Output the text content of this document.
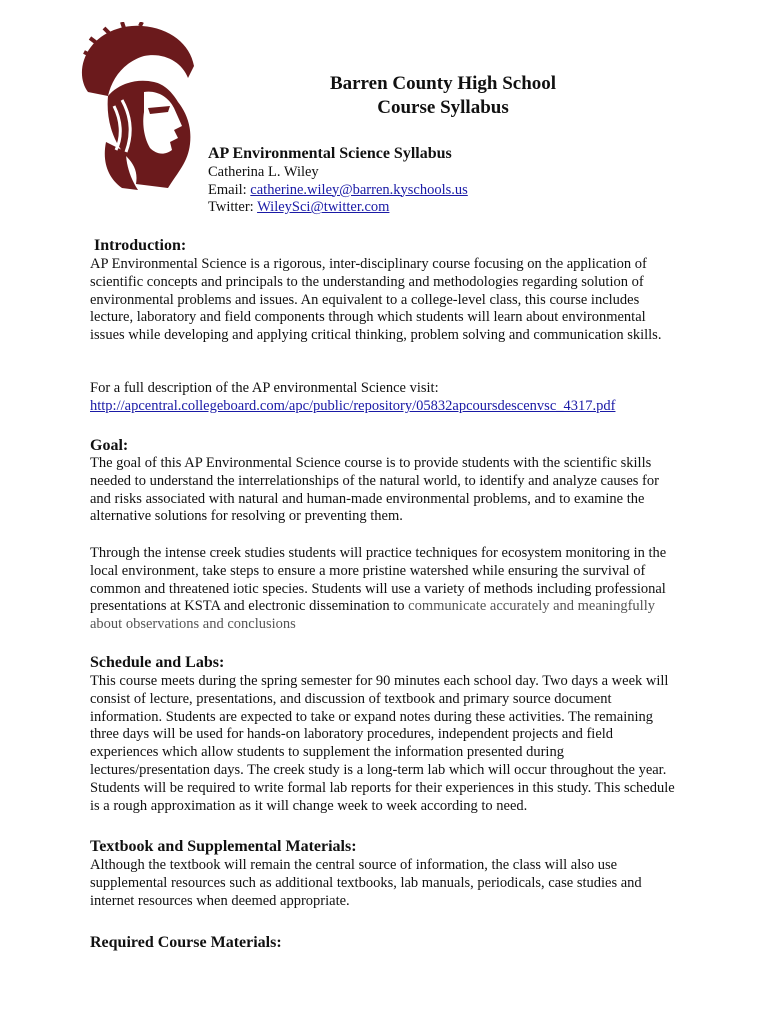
Barren County High School
Course Syllabus
AP Environmental Science Syllabus
Catherina L. Wiley
Email: catherine.wiley@barren.kyschools.us
Twitter: WileySci@twitter.com
Introduction:

AP Environmental Science is a rigorous, inter-disciplinary course focusing on the application of scientific concepts and principals to the understanding and methodologies regarding solution of environmental problems and issues. An equivalent to a college-level class, this course includes lecture, laboratory and field components through which students will learn about environmental issues while developing and applying critical thinking, problem solving and communication skills.

For a full description of the AP environmental Science visit:

http://apcentral.collegeboard.com/apc/public/repository/05832apcoursdescenvsc_4317.pdf

Goal:

The goal of this AP Environmental Science course is to provide students with the scientific skills needed to understand the interrelationships of the natural world, to identify and analyze causes for and risks associated with natural and human-made environmental problems, and to examine the alternative solutions for resolving or preventing them.

Through the intense creek studies students will practice techniques for ecosystem monitoring in the local environment, take steps to ensure a more pristine watershed while ensuring the survival of common and threatened iotic species. Students will use a variety of methods including professional presentations at KSTA and electronic dissemination to communicate accurately and meaningfully about observations and conclusions

Schedule and Labs:

This course meets during the spring semester for 90 minutes each school day. Two days a week will consist of lecture, presentations, and discussion of textbook and primary source document information. Students are expected to take or expand notes during these activities. The remaining three days will be used for hands-on laboratory procedures, independent projects and field experiences which allow students to supplement the information presented during lectures/presentation days. The creek study is a long-term lab which will occur throughout the year. Students will be required to write formal lab reports for their experiences in this study. This schedule is a rough approximation as it will change week to week according to need.

Textbook and Supplemental Materials:

Although the textbook will remain the central source of information, the class will also use supplemental resources such as additional textbooks, lab manuals, periodicals, case studies and internet resources when deemed appropriate.

Required Course Materials:
